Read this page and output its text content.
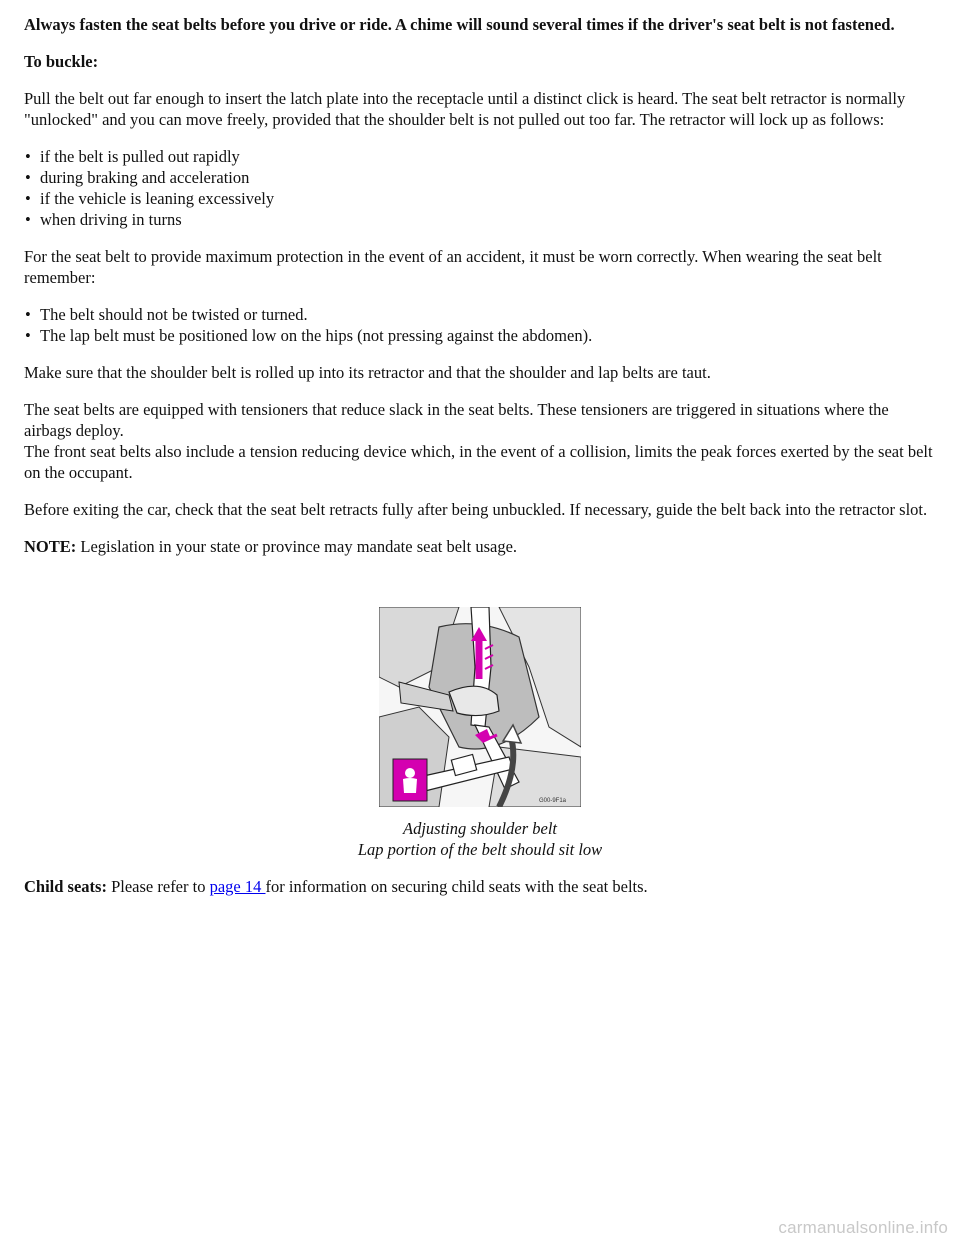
Always fasten the seat belts before you drive or ride. A chime will sound several times if the driver's seat belt is not fastened.

To buckle:

Pull the belt out far enough to insert the latch plate into the receptacle until a distinct click is heard. The seat belt retractor is normally "unlocked" and you can move freely, provided that the shoulder belt is not pulled out too far. The retractor will lock up as follows:

• if the belt is pulled out rapidly
• during braking and acceleration
• if the vehicle is leaning excessively
• when driving in turns

For the seat belt to provide maximum protection in the event of an accident, it must be worn correctly. When wearing the seat belt remember:

• The belt should not be twisted or turned.
• The lap belt must be positioned low on the hips (not pressing against the abdomen).

Make sure that the shoulder belt is rolled up into its retractor and that the shoulder and lap belts are taut.

The seat belts are equipped with tensioners that reduce slack in the seat belts. These tensioners are triggered in situations where the airbags deploy.
The front seat belts also include a tension reducing device which, in the event of a collision, limits the peak forces exerted by the seat belt on the occupant.

Before exiting the car, check that the seat belt retracts fully after being unbuckled. If necessary, guide the belt back into the retractor slot.

NOTE: Legislation in your state or province may mandate seat belt usage.

G00-9F1a
Adjusting shoulder belt
Lap portion of the belt should sit low

Child seats: Please refer to page 14 for information on securing child seats with the seat belts.

carmanualsonline.info
